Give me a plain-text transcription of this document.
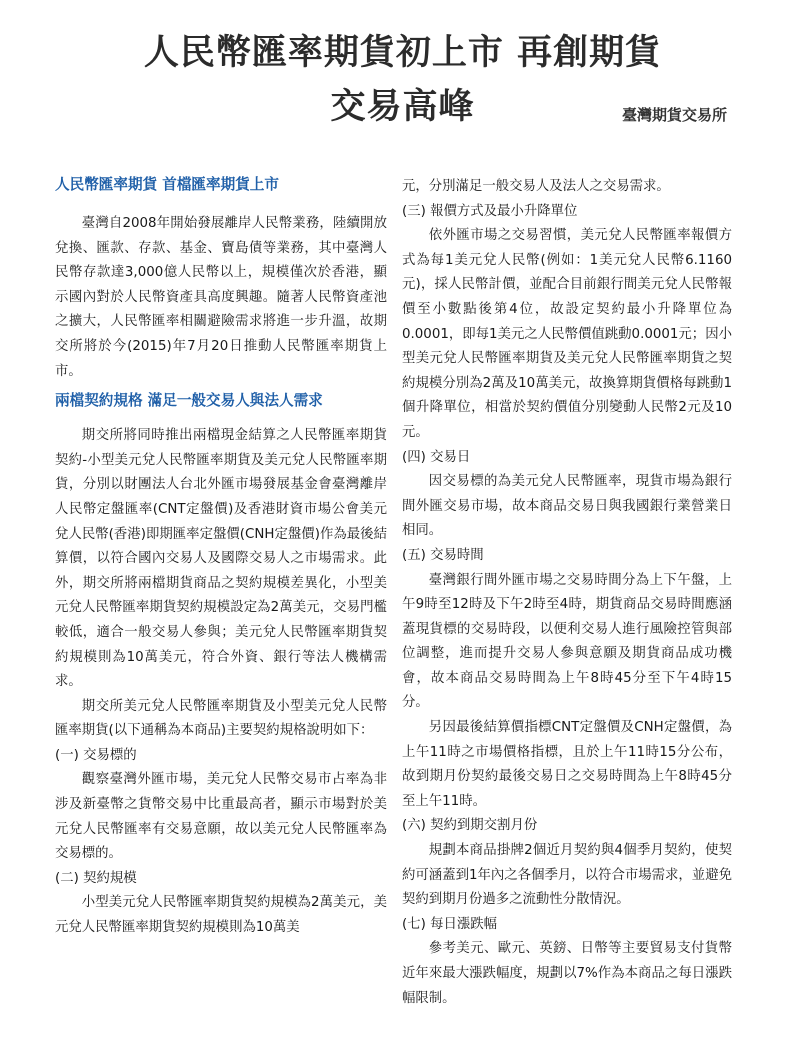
人民幣匯率期貨初上市 再創期貨
交易高峰	臺灣期貨交易所
人民幣匯率期貨 首檔匯率期貨上市

臺灣自2008年開始發展離岸人民幣業務，陸續開放兌換、匯款、存款、基金、寶島債等業務，其中臺灣人民幣存款達3,000億人民幣以上，規模僅次於香港，顯示國內對於人民幣資產具高度興趣。隨著人民幣資產池之擴大，人民幣匯率相關避險需求將進一步升溫，故期交所將於今(2015)年7月20日推動人民幣匯率期貨上市。

兩檔契約規格 滿足一般交易人與法人需求

期交所將同時推出兩檔現金結算之人民幣匯率期貨契約-小型美元兌人民幣匯率期貨及美元兌人民幣匯率期貨，分別以財團法人台北外匯市場發展基金會臺灣離岸人民幣定盤匯率(CNT定盤價)及香港財資市場公會美元兌人民幣(香港)即期匯率定盤價(CNH定盤價)作為最後結算價，以符合國內交易人及國際交易人之市場需求。此外，期交所將兩檔期貨商品之契約規模差異化，小型美元兌人民幣匯率期貨契約規模設定為2萬美元，交易門檻較低，適合一般交易人參與；美元兌人民幣匯率期貨契約規模則為10萬美元，符合外資、銀行等法人機構需求。

期交所美元兌人民幣匯率期貨及小型美元兌人民幣匯率期貨(以下通稱為本商品)主要契約規格說明如下：

(一) 交易標的

觀察臺灣外匯市場，美元兌人民幣交易市占率為非涉及新臺幣之貨幣交易中比重最高者，顯示市場對於美元兌人民幣匯率有交易意願，故以美元兌人民幣匯率為交易標的。

(二) 契約規模

小型美元兌人民幣匯率期貨契約規模為2萬美元，美元兌人民幣匯率期貨契約規模則為10萬美

元，分別滿足一般交易人及法人之交易需求。

(三) 報價方式及最小升降單位

依外匯市場之交易習慣，美元兌人民幣匯率報價方式為每1美元兌人民幣(例如：1美元兌人民幣6.1160元)，採人民幣計價，並配合目前銀行間美元兌人民幣報價至小數點後第4位，故設定契約最小升降單位為0.0001，即每1美元之人民幣價值跳動0.0001元；因小型美元兌人民幣匯率期貨及美元兌人民幣匯率期貨之契約規模分別為2萬及10萬美元，故換算期貨價格每跳動1個升降單位，相當於契約價值分別變動人民幣2元及10元。

(四) 交易日

因交易標的為美元兌人民幣匯率，現貨市場為銀行間外匯交易市場，故本商品交易日與我國銀行業營業日相同。

(五) 交易時間

臺灣銀行間外匯市場之交易時間分為上下午盤，上午9時至12時及下午2時至4時，期貨商品交易時間應涵蓋現貨標的交易時段，以便利交易人進行風險控管與部位調整，進而提升交易人參與意願及期貨商品成功機會，故本商品交易時間為上午8時45分至下午4時15分。

另因最後結算價指標CNT定盤價及CNH定盤價，為上午11時之市場價格指標，且於上午11時15分公布，故到期月份契約最後交易日之交易時間為上午8時45分至上午11時。

(六) 契約到期交割月份

規劃本商品掛牌2個近月契約與4個季月契約，使契約可涵蓋到1年內之各個季月，以符合市場需求，並避免契約到期月份過多之流動性分散情況。

(七) 每日漲跌幅

參考美元、歐元、英鎊、日幣等主要貿易支付貨幣近年來最大漲跌幅度，規劃以7%作為本商品之每日漲跌幅限制。
